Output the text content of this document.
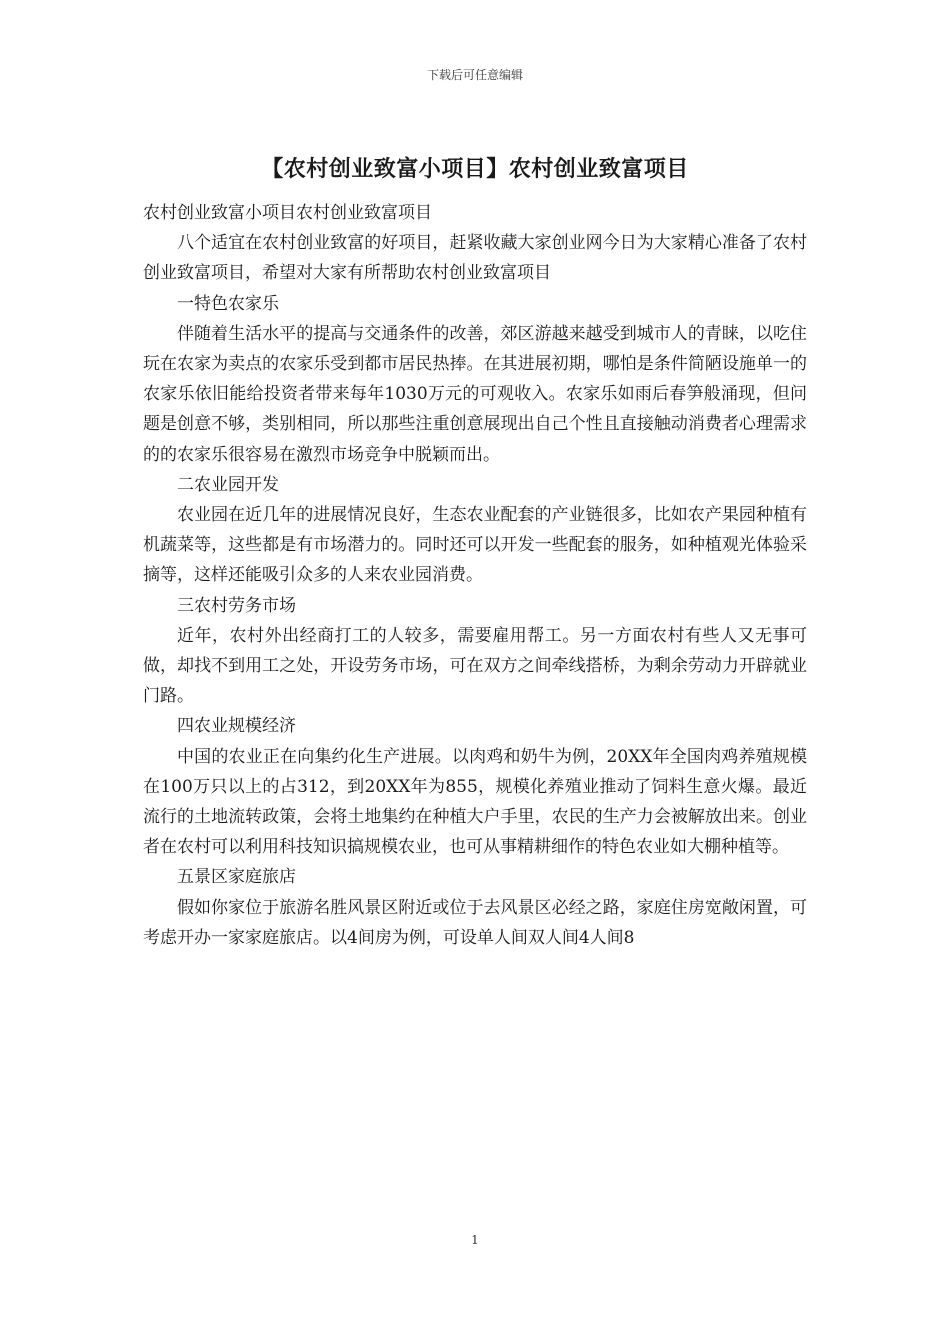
下载后可任意编辑
【农村创业致富小项目】农村创业致富项目

农村创业致富小项目农村创业致富项目

八个适宜在农村创业致富的好项目，赶紧收藏大家创业网今日为大家精心准备了农村创业致富项目，希望对大家有所帮助农村创业致富项目

一特色农家乐

伴随着生活水平的提高与交通条件的改善，郊区游越来越受到城市人的青睐，以吃住玩在农家为卖点的农家乐受到都市居民热捧。在其进展初期，哪怕是条件简陋设施单一的农家乐依旧能给投资者带来每年1030万元的可观收入。农家乐如雨后春笋般涌现，但问题是创意不够，类别相同，所以那些注重创意展现出自己个性且直接触动消费者心理需求的的农家乐很容易在激烈市场竞争中脱颖而出。

二农业园开发

农业园在近几年的进展情况良好，生态农业配套的产业链很多，比如农产果园种植有机蔬菜等，这些都是有市场潜力的。同时还可以开发一些配套的服务，如种植观光体验采摘等，这样还能吸引众多的人来农业园消费。

三农村劳务市场

近年，农村外出经商打工的人较多，需要雇用帮工。另一方面农村有些人又无事可做，却找不到用工之处，开设劳务市场，可在双方之间牵线搭桥，为剩余劳动力开辟就业门路。

四农业规模经济

中国的农业正在向集约化生产进展。以肉鸡和奶牛为例，20XX年全国肉鸡养殖规模在100万只以上的占312，到20XX年为855，规模化养殖业推动了饲料生意火爆。最近流行的土地流转政策，会将土地集约在种植大户手里，农民的生产力会被解放出来。创业者在农村可以利用科技知识搞规模农业，也可从事精耕细作的特色农业如大棚种植等。

五景区家庭旅店

假如你家位于旅游名胜风景区附近或位于去风景区必经之路，家庭住房宽敞闲置，可考虑开办一家家庭旅店。以4间房为例，可设单人间双人间4人间8

1
